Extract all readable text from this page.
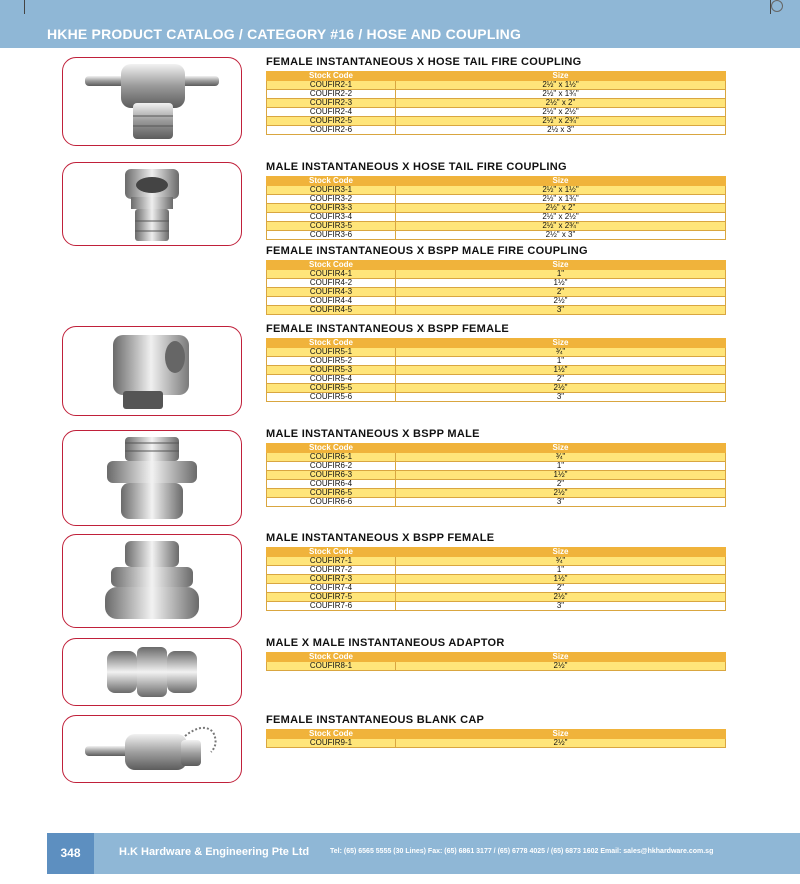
HKHE PRODUCT CATALOG / CATEGORY #16 / HOSE AND COUPLING
FEMALE INSTANTANEOUS X HOSE TAIL FIRE COUPLING
Stock Code	Size
COUFIR2-1	2½" x 1½"
COUFIR2-2	2½" x 1¾"
COUFIR2-3	2½" x 2"
COUFIR2-4	2½" x 2½"
COUFIR2-5	2½" x 2¾"
COUFIR2-6	2½ x 3"
MALE INSTANTANEOUS X HOSE TAIL FIRE COUPLING
Stock Code	Size
COUFIR3-1	2½" x 1½"
COUFIR3-2	2½" x 1¾"
COUFIR3-3	2½" x 2"
COUFIR3-4	2½" x 2½"
COUFIR3-5	2½" x 2¾"
COUFIR3-6	2½" x 3"
FEMALE INSTANTANEOUS X BSPP MALE FIRE COUPLING
Stock Code	Size
COUFIR4-1	1"
COUFIR4-2	1½"
COUFIR4-3	2"
COUFIR4-4	2½"
COUFIR4-5	3"
FEMALE INSTANTANEOUS X BSPP FEMALE
Stock Code	Size
COUFIR5-1	¾"
COUFIR5-2	1"
COUFIR5-3	1½"
COUFIR5-4	2"
COUFIR5-5	2½"
COUFIR5-6	3"
MALE INSTANTANEOUS X BSPP MALE
Stock Code	Size
COUFIR6-1	¾"
COUFIR6-2	1"
COUFIR6-3	1½"
COUFIR6-4	2"
COUFIR6-5	2½"
COUFIR6-6	3"
MALE INSTANTANEOUS X BSPP FEMALE
Stock Code	Size
COUFIR7-1	¾"
COUFIR7-2	1"
COUFIR7-3	1½"
COUFIR7-4	2"
COUFIR7-5	2½"
COUFIR7-6	3"
MALE X MALE INSTANTANEOUS ADAPTOR
Stock Code	Size
COUFIR8-1	2½"
FEMALE INSTANTANEOUS BLANK CAP
Stock Code	Size
COUFIR9-1	2½"
348	H.K Hardware & Engineering Pte Ltd	Tel: (65) 6565 5555 (30 Lines) Fax: (65) 6861 3177 / (65) 6778 4025 / (65) 6873 1602 Email: sales@hkhardware.com.sg
